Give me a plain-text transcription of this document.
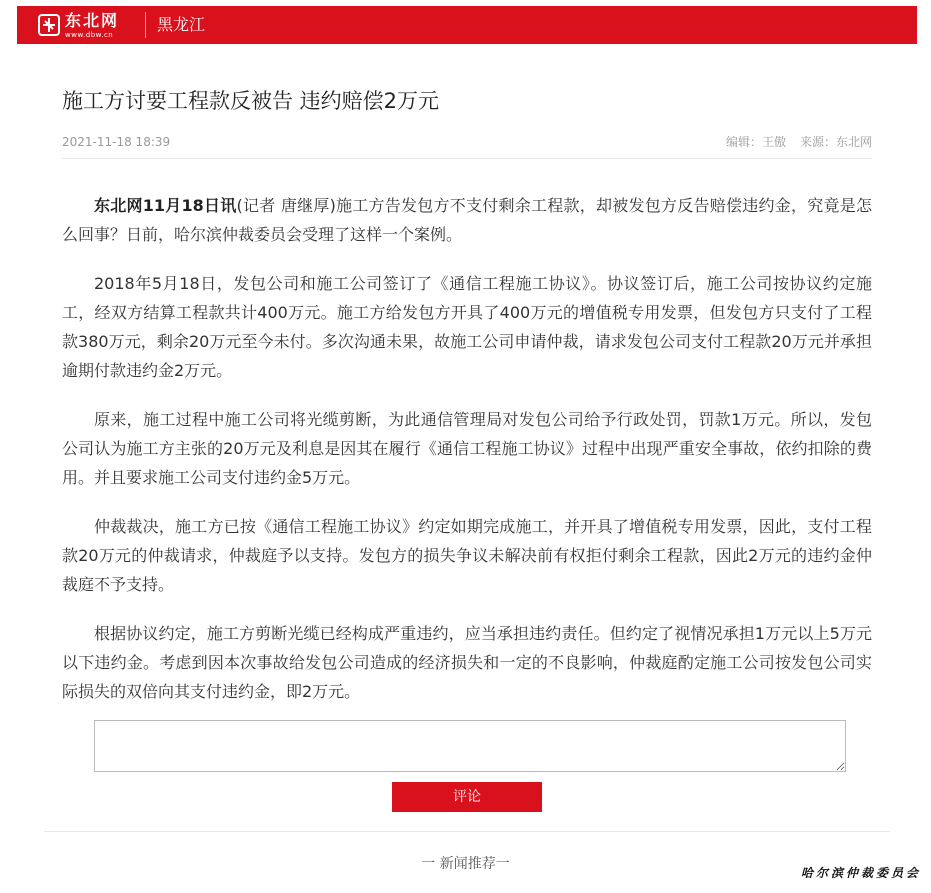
东北网
www.dbw.cn
黑龙江
施工方讨要工程款反被告 违约赔偿2万元
2021-11-18 18:39	编辑：王傲 来源：东北网

东北网11月18日讯(记者 唐继厚)施工方告发包方不支付剩余工程款，却被发包方反告赔偿违约金，究竟是怎么回事？日前，哈尔滨仲裁委员会受理了这样一个案例。

2018年5月18日，发包公司和施工公司签订了《通信工程施工协议》。协议签订后，施工公司按协议约定施工，经双方结算工程款共计400万元。施工方给发包方开具了400万元的增值税专用发票，但发包方只支付了工程款380万元，剩余20万元至今未付。多次沟通未果，故施工公司申请仲裁，请求发包公司支付工程款20万元并承担逾期付款违约金2万元。

原来，施工过程中施工公司将光缆剪断，为此通信管理局对发包公司给予行政处罚，罚款1万元。所以，发包公司认为施工方主张的20万元及利息是因其在履行《通信工程施工协议》过程中出现严重安全事故，依约扣除的费用。并且要求施工公司支付违约金5万元。

仲裁裁决，施工方已按《通信工程施工协议》约定如期完成施工，并开具了增值税专用发票，因此，支付工程款20万元的仲裁请求，仲裁庭予以支持。发包方的损失争议未解决前有权拒付剩余工程款，因此2万元的违约金仲裁庭不予支持。

根据协议约定，施工方剪断光缆已经构成严重违约，应当承担违约责任。但约定了视情况承担1万元以上5万元以下违约金。考虑到因本次事故给发包公司造成的经济损失和一定的不良影响，仲裁庭酌定施工公司按发包公司实际损失的双倍向其支付违约金，即2万元。

评论
一 新闻推荐一
哈尔滨仲裁委员会
